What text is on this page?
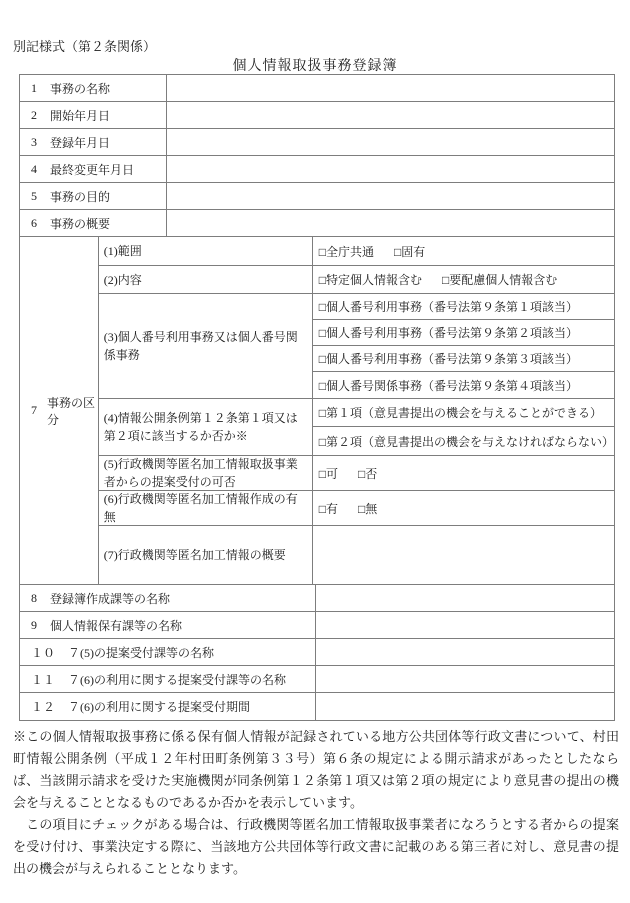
別記様式（第２条関係）
個人情報取扱事務登録簿
1 事務の名称
2 開始年月日
3 登録年月日
4 最終変更年月日
5 事務の目的
6 事務の概要
7
事務の区分
(1)範囲	□全庁共通 □固有
(2)内容	□特定個人情報含む □要配慮個人情報含む
(3)個人番号利用事務又は個人番号関係事務
□個人番号利用事務（番号法第９条第１項該当）
□個人番号利用事務（番号法第９条第２項該当）
□個人番号利用事務（番号法第９条第３項該当）
□個人番号関係事務（番号法第９条第４項該当）
(4)情報公開条例第１２条第１項又は第２項に該当するか否か※
□第１項（意見書提出の機会を与えることができる）
□第２項（意見書提出の機会を与えなければならない）
(5)行政機関等匿名加工情報取扱事業者からの提案受付の可否
□可 □否
(6)行政機関等匿名加工情報作成の有無
□有 □無
(7)行政機関等匿名加工情報の概要
8 登録簿作成課等の名称
9 個人情報保有課等の名称
１０ ７(5)の提案受付課等の名称
１１ ７(6)の利用に関する提案受付課等の名称
１２ ７(6)の利用に関する提案受付期間
※この個人情報取扱事務に係る保有個人情報が記録されている地方公共団体等行政文書について、村田町情報公開条例（平成１２年村田町条例第３３号）第６条の規定による開示請求があったとしたならば、当該開示請求を受けた実施機関が同条例第１２条第１項又は第２項の規定により意見書の提出の機会を与えることとなるものであるか否かを表示しています。
　この項目にチェックがある場合は、行政機関等匿名加工情報取扱事業者になろうとする者からの提案を受け付け、事業決定する際に、当該地方公共団体等行政文書に記載のある第三者に対し、意見書の提出の機会が与えられることとなります。
